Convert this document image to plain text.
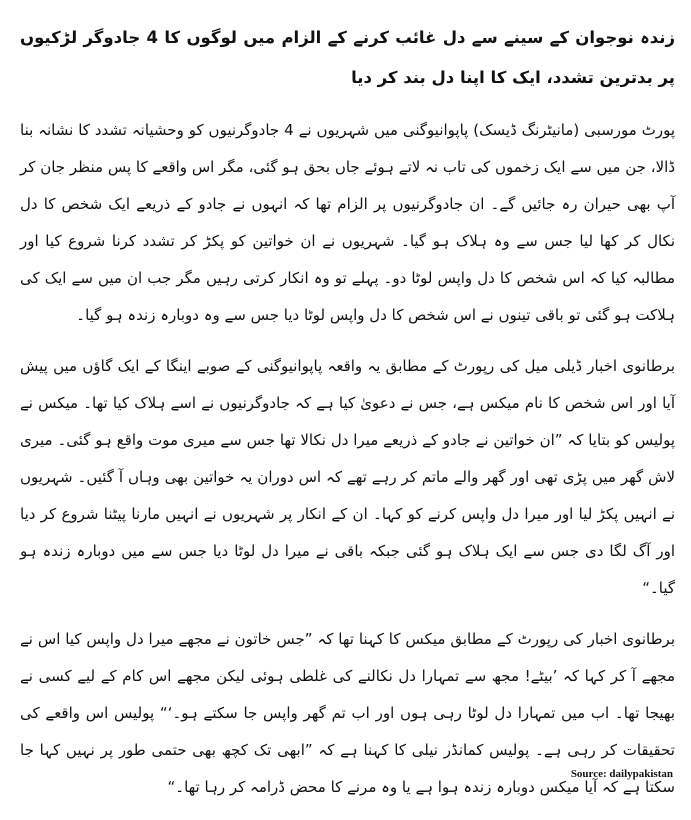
زندہ نوجوان کے سینے سے دل غائب کرنے کے الزام میں لوگوں کا 4 جادوگر لڑکیوں پر بدترین تشدد، ایک کا اپنا دل بند کر دیا

پورٹ مورسبی (مانیٹرنگ ڈیسک) پاپوانیوگنی میں شہریوں نے 4 جادوگرنیوں کو وحشیانہ تشدد کا نشانہ بنا ڈالا، جن میں سے ایک زخموں کی تاب نہ لاتے ہوئے جاں بحق ہو گئی، مگر اس واقعے کا پس منظر جان کر آپ بھی حیران رہ جائیں گے۔ ان جادوگرنیوں پر الزام تھا کہ انہوں نے جادو کے ذریعے ایک شخص کا دل نکال کر کھا لیا جس سے وہ ہلاک ہو گیا۔ شہریوں نے ان خواتین کو پکڑ کر تشدد کرنا شروع کیا اور مطالبہ کیا کہ اس شخص کا دل واپس لوٹا دو۔ پہلے تو وہ انکار کرتی رہیں مگر جب ان میں سے ایک کی ہلاکت ہو گئی تو باقی تینوں نے اس شخص کا دل واپس لوٹا دیا جس سے وہ دوبارہ زندہ ہو گیا۔

برطانوی اخبار ڈیلی میل کی رپورٹ کے مطابق یہ واقعہ پاپوانیوگنی کے صوبے اینگا کے ایک گاؤں میں پیش آیا اور اس شخص کا نام میکس ہے، جس نے دعویٰ کیا ہے کہ جادوگرنیوں نے اسے ہلاک کیا تھا۔ میکس نے پولیس کو بتایا کہ ”ان خواتین نے جادو کے ذریعے میرا دل نکالا تھا جس سے میری موت واقع ہو گئی۔ میری لاش گھر میں پڑی تھی اور گھر والے ماتم کر رہے تھے کہ اس دوران یہ خواتین بھی وہاں آ گئیں۔ شہریوں نے انہیں پکڑ لیا اور میرا دل واپس کرنے کو کہا۔ ان کے انکار پر شہریوں نے انہیں مارنا پیٹنا شروع کر دیا اور آگ لگا دی جس سے ایک ہلاک ہو گئی جبکہ باقی نے میرا دل لوٹا دیا جس سے میں دوبارہ زندہ ہو گیا۔“

برطانوی اخبار کی رپورٹ کے مطابق میکس کا کہنا تھا کہ ”جس خاتون نے مجھے میرا دل واپس کیا اس نے مجھے آ کر کہا کہ ’بیٹے! مجھ سے تمہارا دل نکالنے کی غلطی ہوئی لیکن مجھے اس کام کے لیے کسی نے بھیجا تھا۔ اب میں تمہارا دل لوٹا رہی ہوں اور اب تم گھر واپس جا سکتے ہو۔‘“ پولیس اس واقعے کی تحقیقات کر رہی ہے۔ پولیس کمانڈر نیلی کا کہنا ہے کہ ”ابھی تک کچھ بھی حتمی طور پر نہیں کہا جا سکتا ہے کہ آیا میکس دوبارہ زندہ ہوا ہے یا وہ مرنے کا محض ڈرامہ کر رہا تھا۔“

Source: dailypakistan
